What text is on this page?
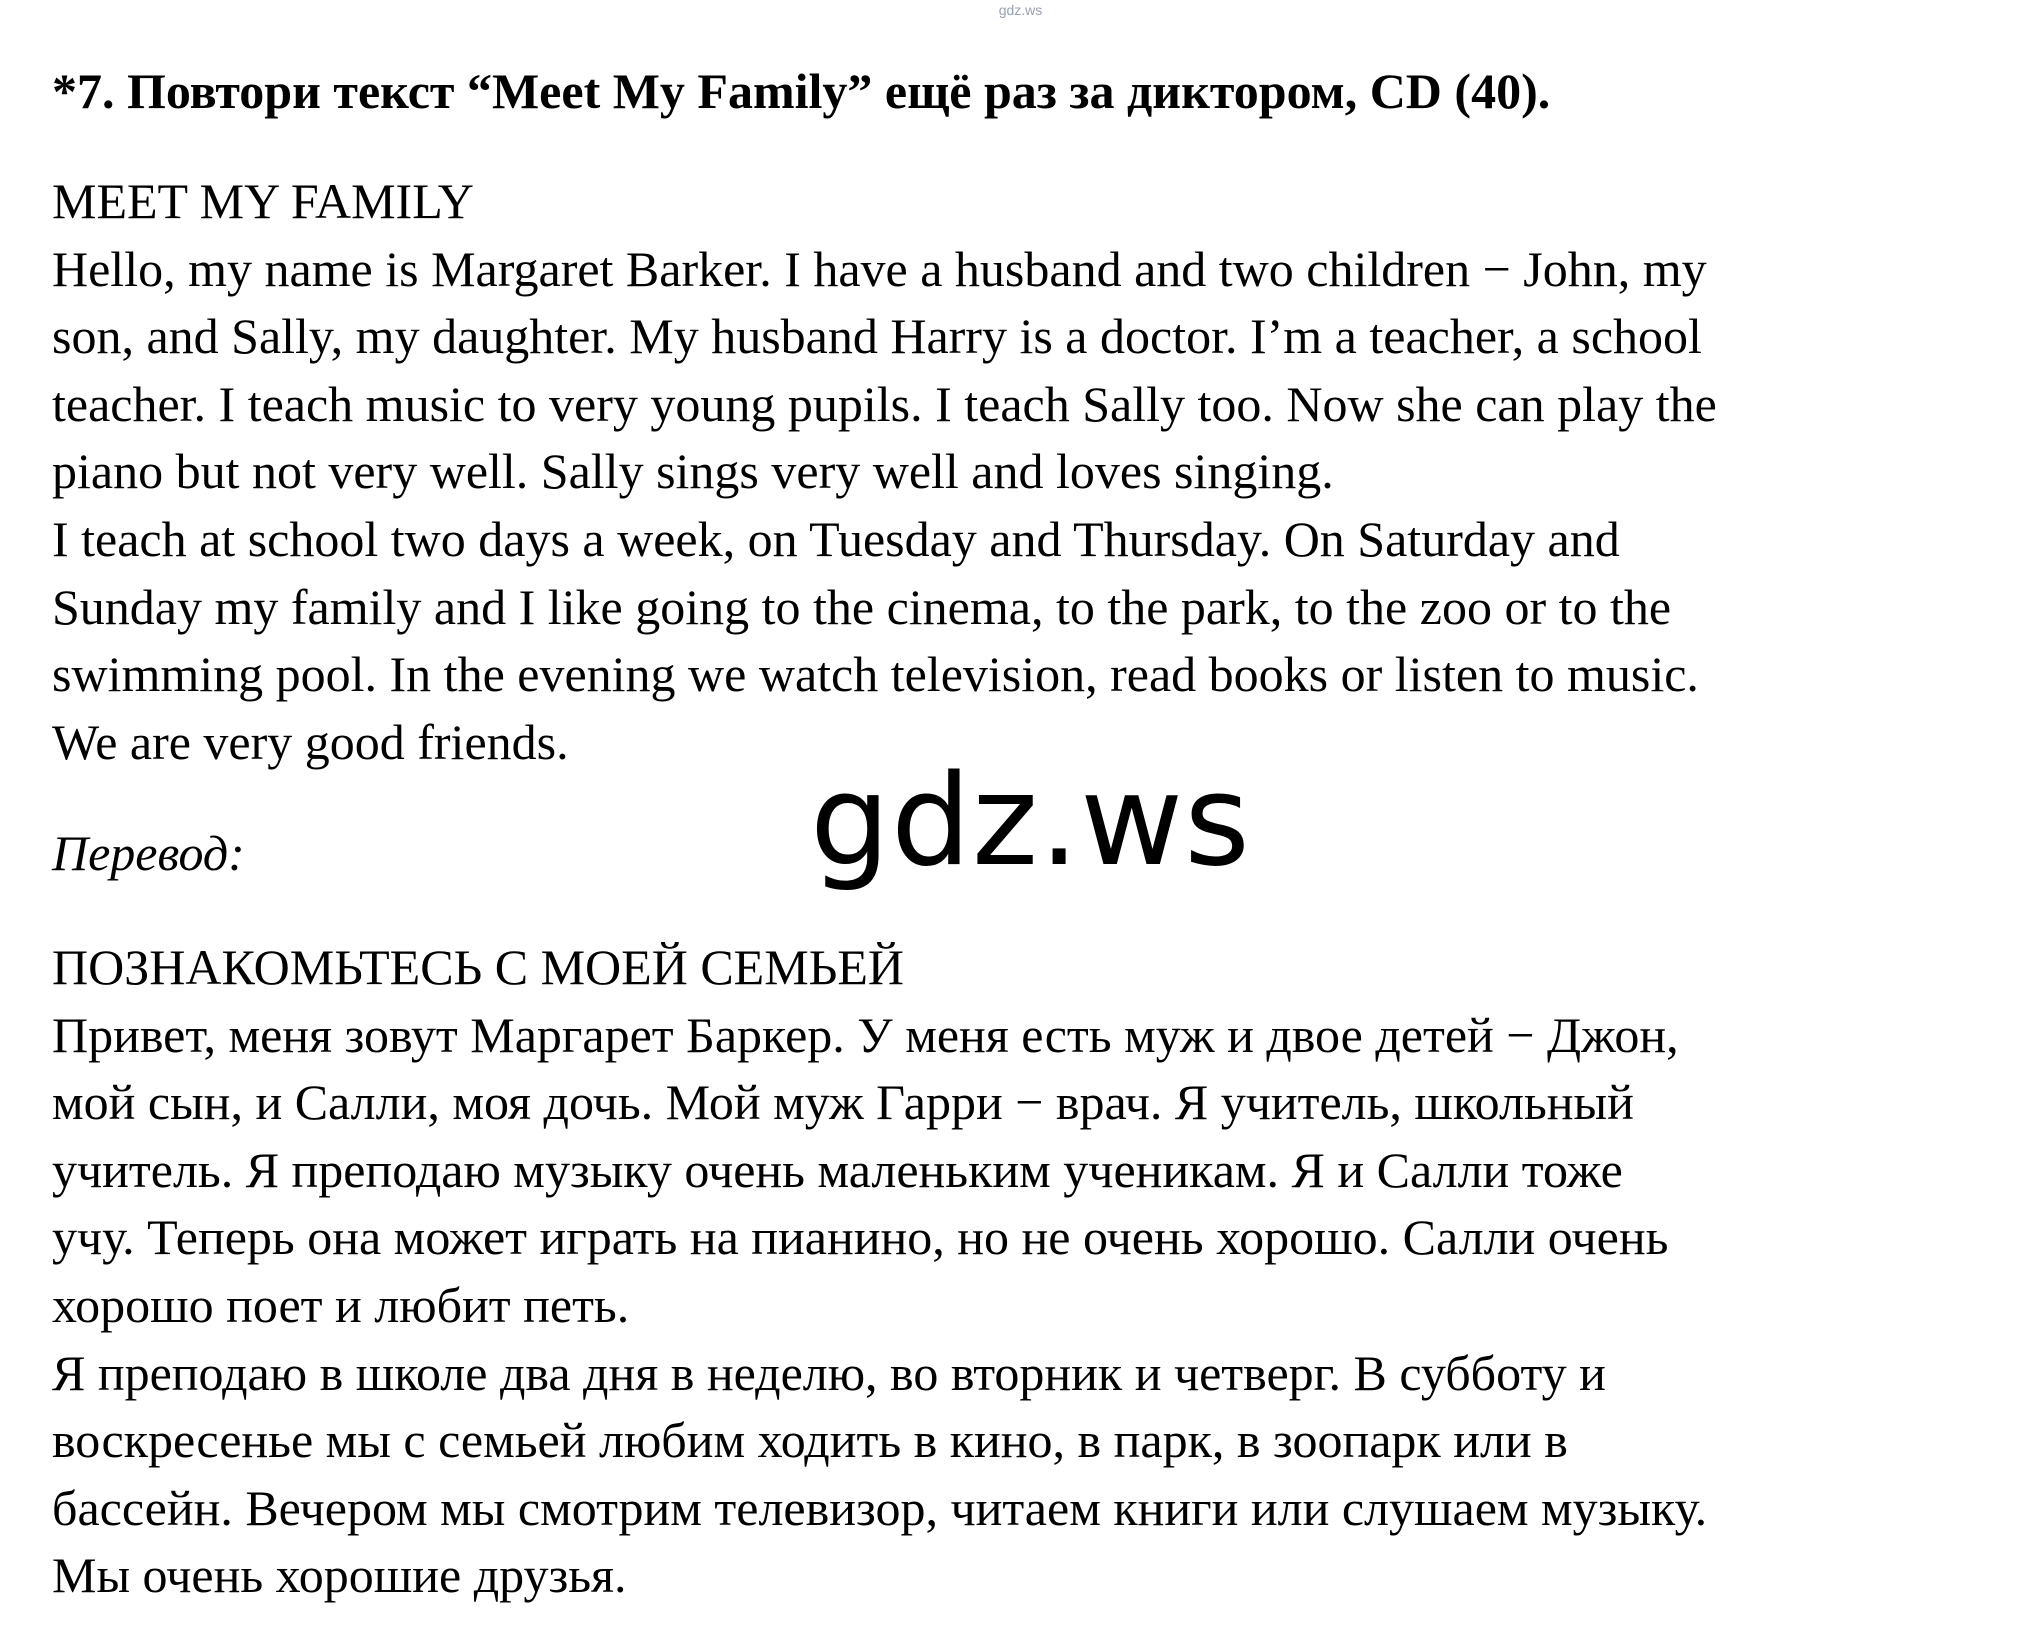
gdz.ws
*7. Повтори текст “Meet My Family” ещё раз за диктором, CD (40).
MEET MY FAMILY
Hello, my name is Margaret Barker. I have a husband and two children − John, my
son, and Sally, my daughter. My husband Harry is a doctor. I’m a teacher, a school
teacher. I teach music to very young pupils. I teach Sally too. Now she can play the
piano but not very well. Sally sings very well and loves singing.
I teach at school two days a week, on Tuesday and Thursday. On Saturday and
Sunday my family and I like going to the cinema, to the park, to the zoo or to the
swimming pool. In the evening we watch television, read books or listen to music.
We are very good friends.
Перевод:	gdz.ws
ПОЗНАКОМЬТЕСЬ С МОЕЙ СЕМЬЕЙ
Привет, меня зовут Маргарет Баркер. У меня есть муж и двое детей − Джон,
мой сын, и Салли, моя дочь. Мой муж Гарри − врач. Я учитель, школьный
учитель. Я преподаю музыку очень маленьким ученикам. Я и Салли тоже
учу. Теперь она может играть на пианино, но не очень хорошо. Салли очень
хорошо поет и любит петь.
Я преподаю в школе два дня в неделю, во вторник и четверг. В субботу и
воскресенье мы с семьей любим ходить в кино, в парк, в зоопарк или в
бассейн. Вечером мы смотрим телевизор, читаем книги или слушаем музыку.
Мы очень хорошие друзья.
